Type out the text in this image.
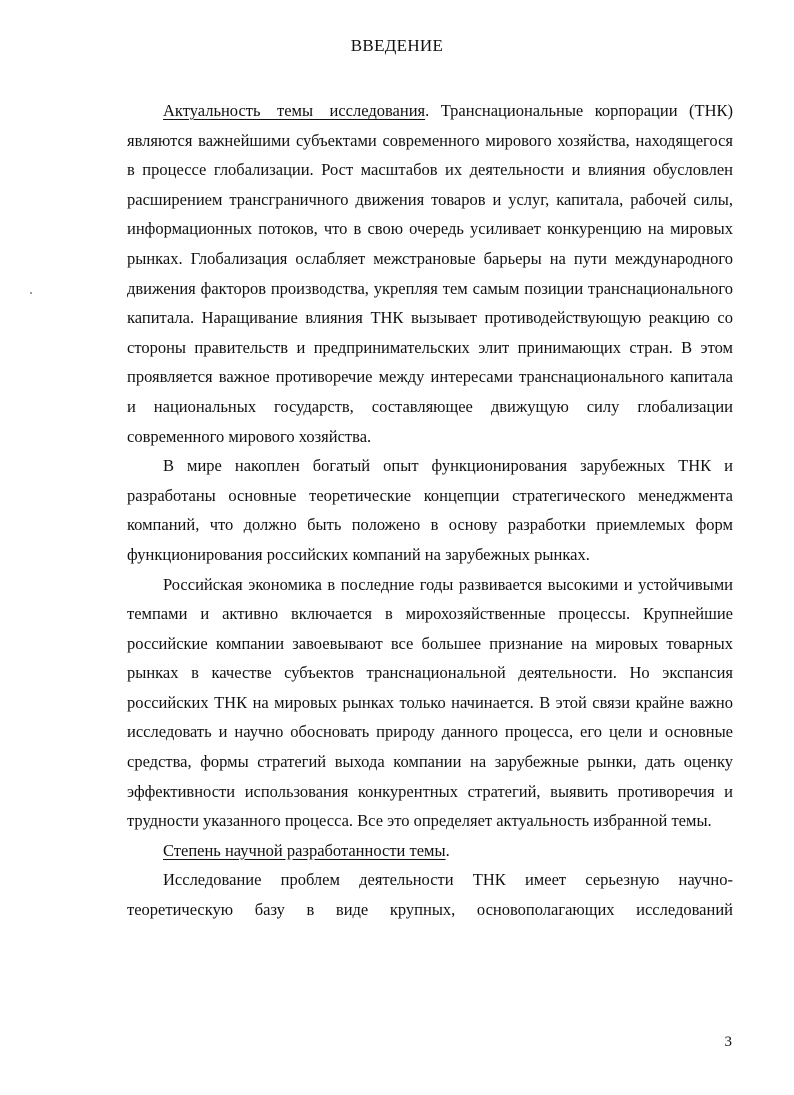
ВВЕДЕНИЕ

Актуальность темы исследования. Транснациональные корпорации (ТНК) являются важнейшими субъектами современного мирового хозяйства, находящегося в процессе глобализации. Рост масштабов их деятельности и влияния обусловлен расширением трансграничного движения товаров и услуг, капитала, рабочей силы, информационных потоков, что в свою очередь усиливает конкуренцию на мировых рынках. Глобализация ослабляет межстрановые барьеры на пути международного движения факторов производства, укрепляя тем самым позиции транснационального капитала. Наращивание влияния ТНК вызывает противодействующую реакцию со стороны правительств и предпринимательских элит принимающих стран. В этом проявляется важное противоречие между интересами транснационального капитала и национальных государств, составляющее движущую силу глобализации современного мирового хозяйства.

В мире накоплен богатый опыт функционирования зарубежных ТНК и разработаны основные теоретические концепции стратегического менеджмента компаний, что должно быть положено в основу разработки приемлемых форм функционирования российских компаний на зарубежных рынках.

Российская экономика в последние годы развивается высокими и устойчивыми темпами и активно включается в мирохозяйственные процессы. Крупнейшие российские компании завоевывают все большее признание на мировых товарных рынках в качестве субъектов транснациональной деятельности. Но экспансия российских ТНК на мировых рынках только начинается. В этой связи крайне важно исследовать и научно обосновать природу данного процесса, его цели и основные средства, формы стратегий выхода компании на зарубежные рынки, дать оценку эффективности использования конкурентных стратегий, выявить противоречия и трудности указанного процесса. Все это определяет актуальность избранной темы.

Степень научной разработанности темы.

Исследование проблем деятельности ТНК имеет серьезную научно-теоретическую базу в виде крупных, основополагающих исследований

3
